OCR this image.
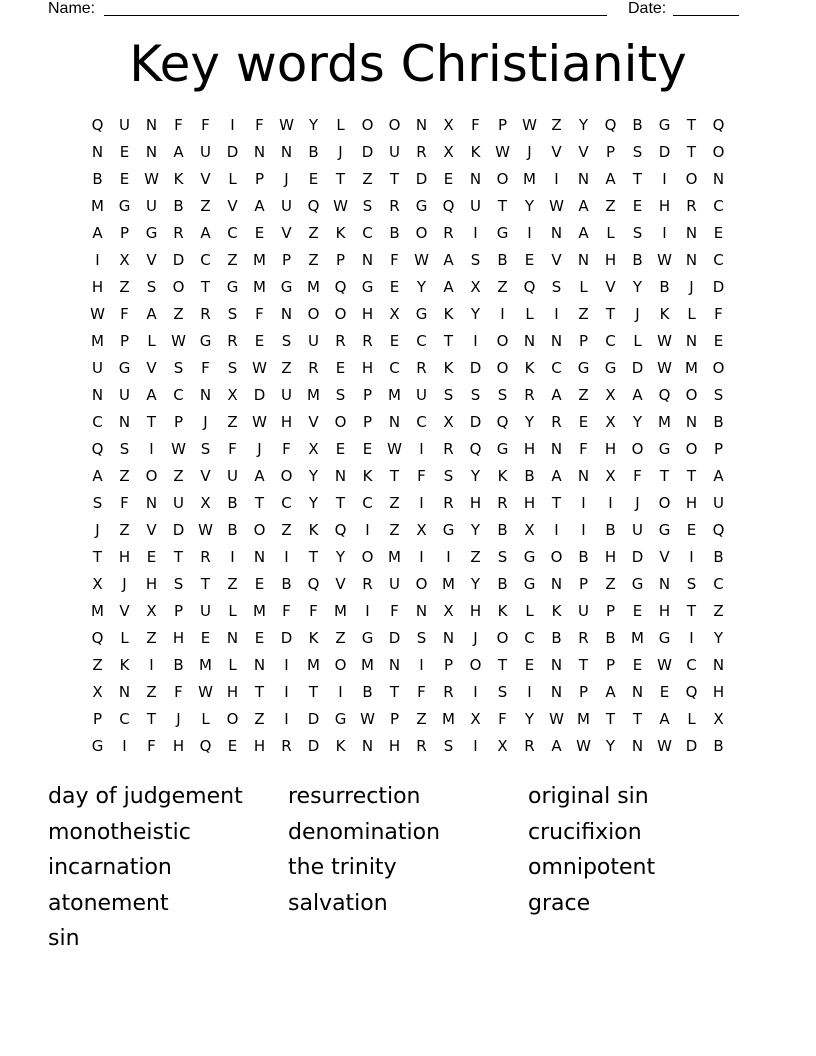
Name:	Date:
Key words Christianity
Q	U	N	F	F	I	F	W Y	L	O	O	N	X	F	P	W Z	Y	Q	B	G	T	Q
N	E	N	A	U	D	N	N	B	J	D	U	R	X	K W	J	V	V	P	S	D	T	O
B	E W K	V	L	P	J	E	T	Z	T	D	E	N	O M	I	N	A	T	I	O	N
M G	U	B	Z	V	A	U	Q W S	R	G	Q	U	T	Y	W A	Z	E	H	R	C
A	P	G	R	A	C	E	V	Z	K	C	B	O	R	I	G	I	N	A	L	S	I	N	E
I	X	V	D	C	Z	M	P	Z	P	N	F	W A	S	B	E	V	N	H	B W N	C
H	Z	S	O	T	G M G M Q	G	E	Y	A	X	Z	Q	S	L	V	Y	B	J	D
W	F	A	Z	R	S	F	N	O	O	H	X	G	K	Y	I	L	I	Z	T	J	K	L	F
M	P	L	W G	R	E	S	U	R	R	E	C	T	I	O	N	N	P	C	L	W N	E
U	G	V	S	F	S W Z	R	E	H	C	R	K	D	O	K	C	G	G	D W M O
N	U	A	C	N	X	D	U	M	S	P	M	U	S	S	S	R	A	Z	X	A	Q	O	S
C	N	T	P	J	Z W H	V	O	P	N	C	X	D	Q	Y	R	E	X	Y	M N	B
Q	S	I	W S	F	J	F	X	E	E W	I	R	Q	G	H	N	F	H	O	G	O	P
A	Z	O	Z	V	U	A	O	Y	N	K	T	F	S	Y	K	B	A	N	X	F	T	T	A
S	F	N	U	X	B	T	C	Y	T	C	Z	I	R	H	R	H	T	I	I	J	O	H	U
J	Z	V	D W B	O	Z	K	Q	I	Z	X	G	Y	B	X	I	I	B	U	G	E	Q
T	H	E	T	R	I	N	I	T	Y	O M	I	I	Z	S	G	O	B	H	D	V	I	B
X	J	H	S	T	Z	E	B	Q	V	R	U	O M	Y	B	G	N	P	Z	G	N	S	C
M	V	X	P	U	L	M	F	F	M	I	F	N	X	H	K	L	K	U	P	E	H	T	Z
Q	L	Z	H	E	N	E	D	K	Z	G	D	S	N	J	O	C	B	R	B	M G	I	Y
Z	K	I	B	M	L	N	I	M O M N	I	P	O	T	E	N	T	P	E W C	N
X	N	Z	F	W H	T	I	T	I	B	T	F	R	I	S	I	N	P	A	N	E	Q	H
P	C	T	J	L	O	Z	I	D	G W	P	Z	M	X	F	Y	W M	T	T	A	L	X
G	I	F	H	Q	E	H	R	D	K	N	H	R	S	I	X	R	A W Y	N W D	B
day of judgement	resurrection	original sin
monotheistic	denomination	crucifixion
incarnation	the trinity	omnipotent
atonement	salvation	grace
sin
